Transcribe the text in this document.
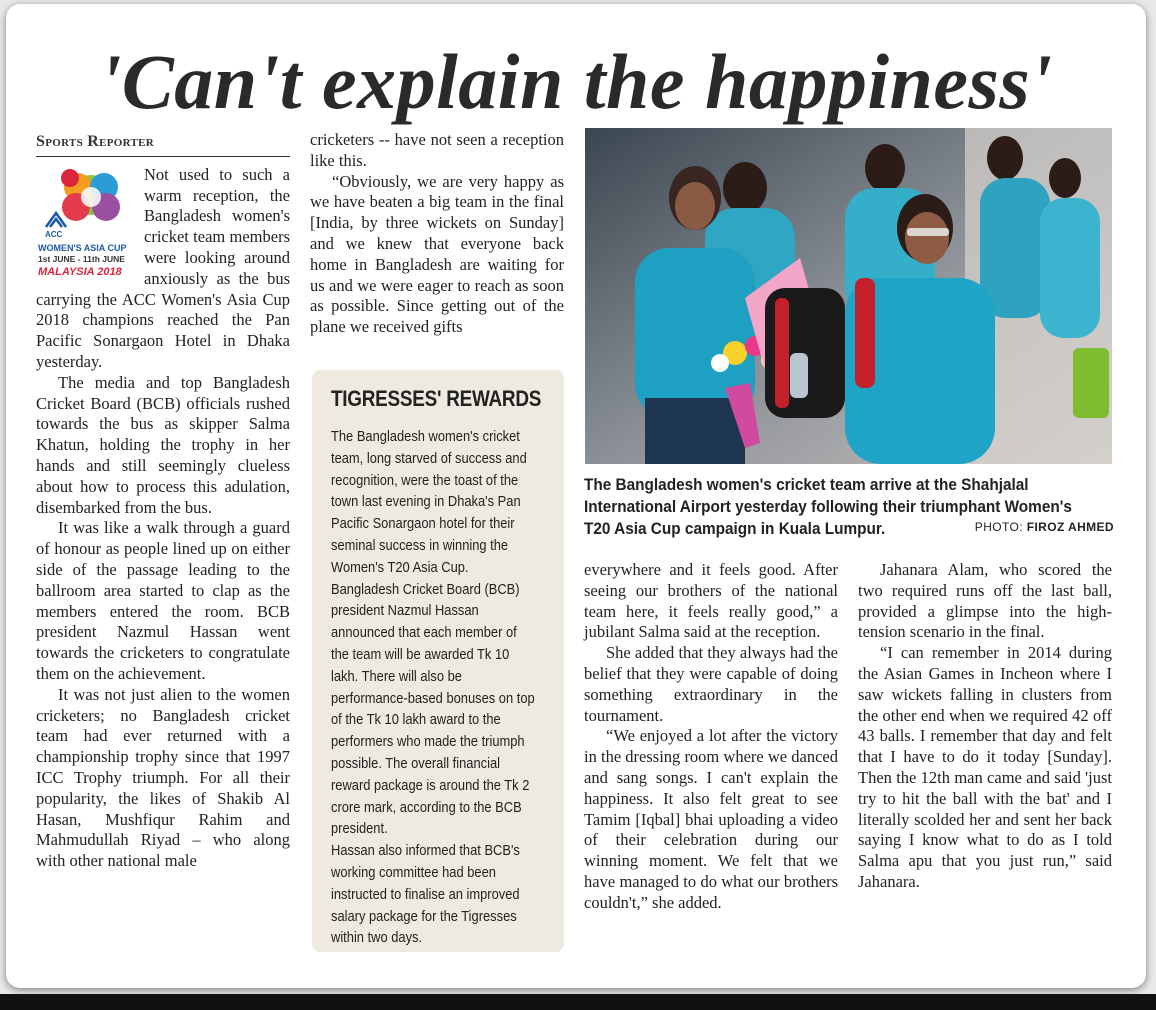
'Can't explain the happiness'
Sports Reporter
ACC
WOMEN'S ASIA CUP
1st JUNE - 11th JUNE
MALAYSIA 2018

Not used to such a warm reception, the Bangladesh women's cricket team members were looking around anxiously as the bus carrying the ACC Women's Asia Cup 2018 champions reached the Pan Pacific Sonargaon Hotel in Dhaka yesterday.

The media and top Bangladesh Cricket Board (BCB) officials rushed towards the bus as skipper Salma Khatun, holding the trophy in her hands and still seemingly clueless about how to process this adulation, disembarked from the bus.

It was like a walk through a guard of honour as people lined up on either side of the passage leading to the ballroom area started to clap as the members entered the room. BCB president Nazmul Hassan went towards the cricketers to congratulate them on the achievement.

It was not just alien to the women cricketers; no Bangladesh cricket team had ever returned with a championship trophy since that 1997 ICC Trophy triumph. For all their popularity, the likes of Shakib Al Hasan, Mushfiqur Rahim and Mahmudullah Riyad – who along with other national male

cricketers -- have not seen a reception like this.

“Obviously, we are very happy as we have beaten a big team in the final [India, by three wickets on Sunday] and we knew that everyone back home in Bangladesh are waiting for us and we were eager to reach as soon as possible. Since getting out of the plane we received gifts

TIGRESSES' REWARDS

The Bangladesh women's cricket team, long starved of success and recognition, were the toast of the town last evening in Dhaka's Pan Pacific Sonargaon hotel for their seminal success in winning the Women's T20 Asia Cup.

Bangladesh Cricket Board (BCB) president Nazmul Hassan announced that each member of the team will be awarded Tk 10 lakh. There will also be performance-based bonuses on top of the Tk 10 lakh award to the performers who made the triumph possible. The overall financial reward package is around the Tk 2 crore mark, according to the BCB president.

Hassan also informed that BCB's working committee had been instructed to finalise an improved salary package for the Tigresses within two days.

The Bangladesh women's cricket team arrive at the Shahjalal International Airport yesterday following their triumphant Women's T20 Asia Cup campaign in Kuala Lumpur.	PHOTO: FIROZ AHMED

everywhere and it feels good. After seeing our brothers of the national team here, it feels really good,” a jubilant Salma said at the reception.

She added that they always had the belief that they were capable of doing something extraordinary in the tournament.

“We enjoyed a lot after the victory in the dressing room where we danced and sang songs. I can't explain the happiness. It also felt great to see Tamim [Iqbal] bhai uploading a video of their celebration during our winning moment. We felt that we have managed to do what our brothers couldn't,” she added.

Jahanara Alam, who scored the two required runs off the last ball, provided a glimpse into the high-tension scenario in the final.

“I can remember in 2014 during the Asian Games in Incheon where I saw wickets falling in clusters from the other end when we required 42 off 43 balls. I remember that day and felt that I have to do it today [Sunday]. Then the 12th man came and said 'just try to hit the ball with the bat' and I literally scolded her and sent her back saying I know what to do as I told Salma apu that you just run,” said Jahanara.
